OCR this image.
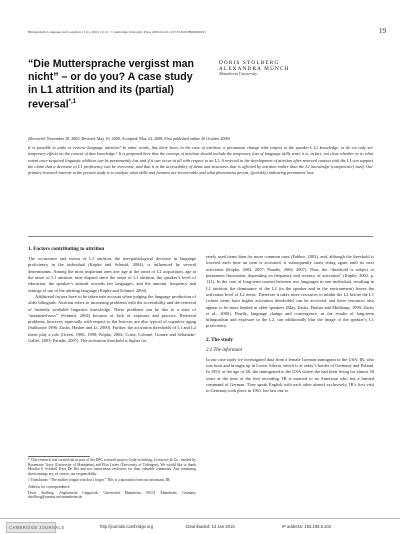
Bilingualism: Language and Cognition 13 (1), 2010, 19–31 © Cambridge University Press 2009 doi:10.1017/S1366728909990253	19
“Die Muttersprache vergisst man nicht” – or do you? A case study in L1 attrition and its (partial) reversal$^{*,1}$
DORIS STOLBERG
ALEXANDRA MÜNCH
Mannheim University
(Received: November 28, 2005; Revised: May 16, 2008; Accepted: May 24, 2008; First published online 26 October 2009)
It is possible to undo or reverse language attrition? In other words, has there been, in the case of attrition, a permanent change with respect to the speaker’s L1 knowledge, or do we only see temporary effects on the control of that knowledge? It is proposed here that the concept of attrition should include the temporary loss of language skills since it is, in fact, not clear whether or to what extent once-acquired linguistic abilities can be permanently lost and if it can occur at all with respect to an L1. A reversal in the development of attrition after renewed contact with the L1 can support the claim that a decrease in L1 proficiency can be overcome, and that it is the accessibility of items and structures that is affected by attrition rather than the L1 knowledge (competence) itself. Our primary research interest in the present study is to analyze what skills and features are recoverable and what phenomena persist, (possibly) indicating permanent loss.
1. Factors contributing to attrition

The occurrence and extent of L1 attrition, the non-pathological decrease in language proficiency in the individual (Köpke and Schmid, 2004), is influenced by several determinants. Among the most important ones are: age at the onset of L2 acquisition, age at the onset of L1 attrition, time elapsed since the onset of L1 attrition, the speaker’s level of education, the speaker’s attitude towards her languages, and the amount, frequency and settings of use of the attriting language (Köpke and Schmid, 2004).

Additional factors have to be taken into account when judging the language production of older bilinguals. Attrition refers to increasing problems with the accessibility and the retrieval of formerly available linguistic knowledge. These problems can be due to a state of “untrained-ness” (Schmid, 2004) because of lack of exposure and practice. Retrieval problems, however, especially with respect to the lexicon, are also typical of cognitive aging (Salthouse 1996; Zacks, Hasher and Li, 2000). Further, the activation thresholds of L1 and L2 items play a role (Green, 1986, 1998; Köpke, 2002; Costa, Colomé, Gomez and Sebastián-Gallés, 2003; Paradis, 2007). The activation threshold is higher for

rarely used items than for more common ones (Fabbro, 2002), and, although the threshold is lowered each time an item is activated, it subsequently starts rising again until its next activation (Köpke, 2002, 2007; Paradis, 2004, 2007). Thus, the “threshold is subject to permanent fluctuation, depending on frequency and recency of activation” (Köpke, 2002, p. 121). In the case of long-term contact between two languages in one individual, resulting in L1 attrition, the dominance of the L2 (in the speaker and in the environment) leaves the activation level of L2 items. Therefore it takes more resources to inhibit the L2 before the L1 (where items have higher activation thresholds) can be accessed, and these resources also appear to be more limited in older speakers (May, Zacks, Hasher and Multhaup, 1999; Zacks et al., 2000). Finally, language change and convergence, as the results of long-term bilingualism and exposure to the L2, can additionally blur the image of the speaker’s L1 proficiency.

2. The study
2.1 The informant

In our case study we investigated data from a female German immigrant to the USA. IB, who was born and brought up in Lower Silesia, which is at today’s border of Germany and Poland. In 1953, at the age of 28, she immigrated to the USA where she had been living for almost 50 years at the time of the first recording. IB is married to an American who has a limited command of German. They speak English with each other almost exclusively. IB’s first visit to Germany took place in 1961, her last one to

* This research was carried out as part of the DFG research project Code-switching, Crossover & Co., headed by Rosemarie Tracy (University of Mannheim) and Elsa Lattey (University of Tübingen). We would like to thank Monika S. Schmid, Kees De Bot and two anonymous reviewers for their valuable comments. Any remaining shortcomings are, of course, our responsibility.

1 Translation: “The mother tongue you don’t forget.” This is a quotation from our informant, IB.

Address for correspondence:

Doris Stolberg, Anglistische Linguistik, Universität Mannheim, 68131 Mannheim, Germany dstolberg@rumms.uni-mannheim.de

CAMBRIDGE JOURNALS	http://journals.cambridge.org	Downloaded: 13 Jan 2015	IP address: 193.196.8.102
